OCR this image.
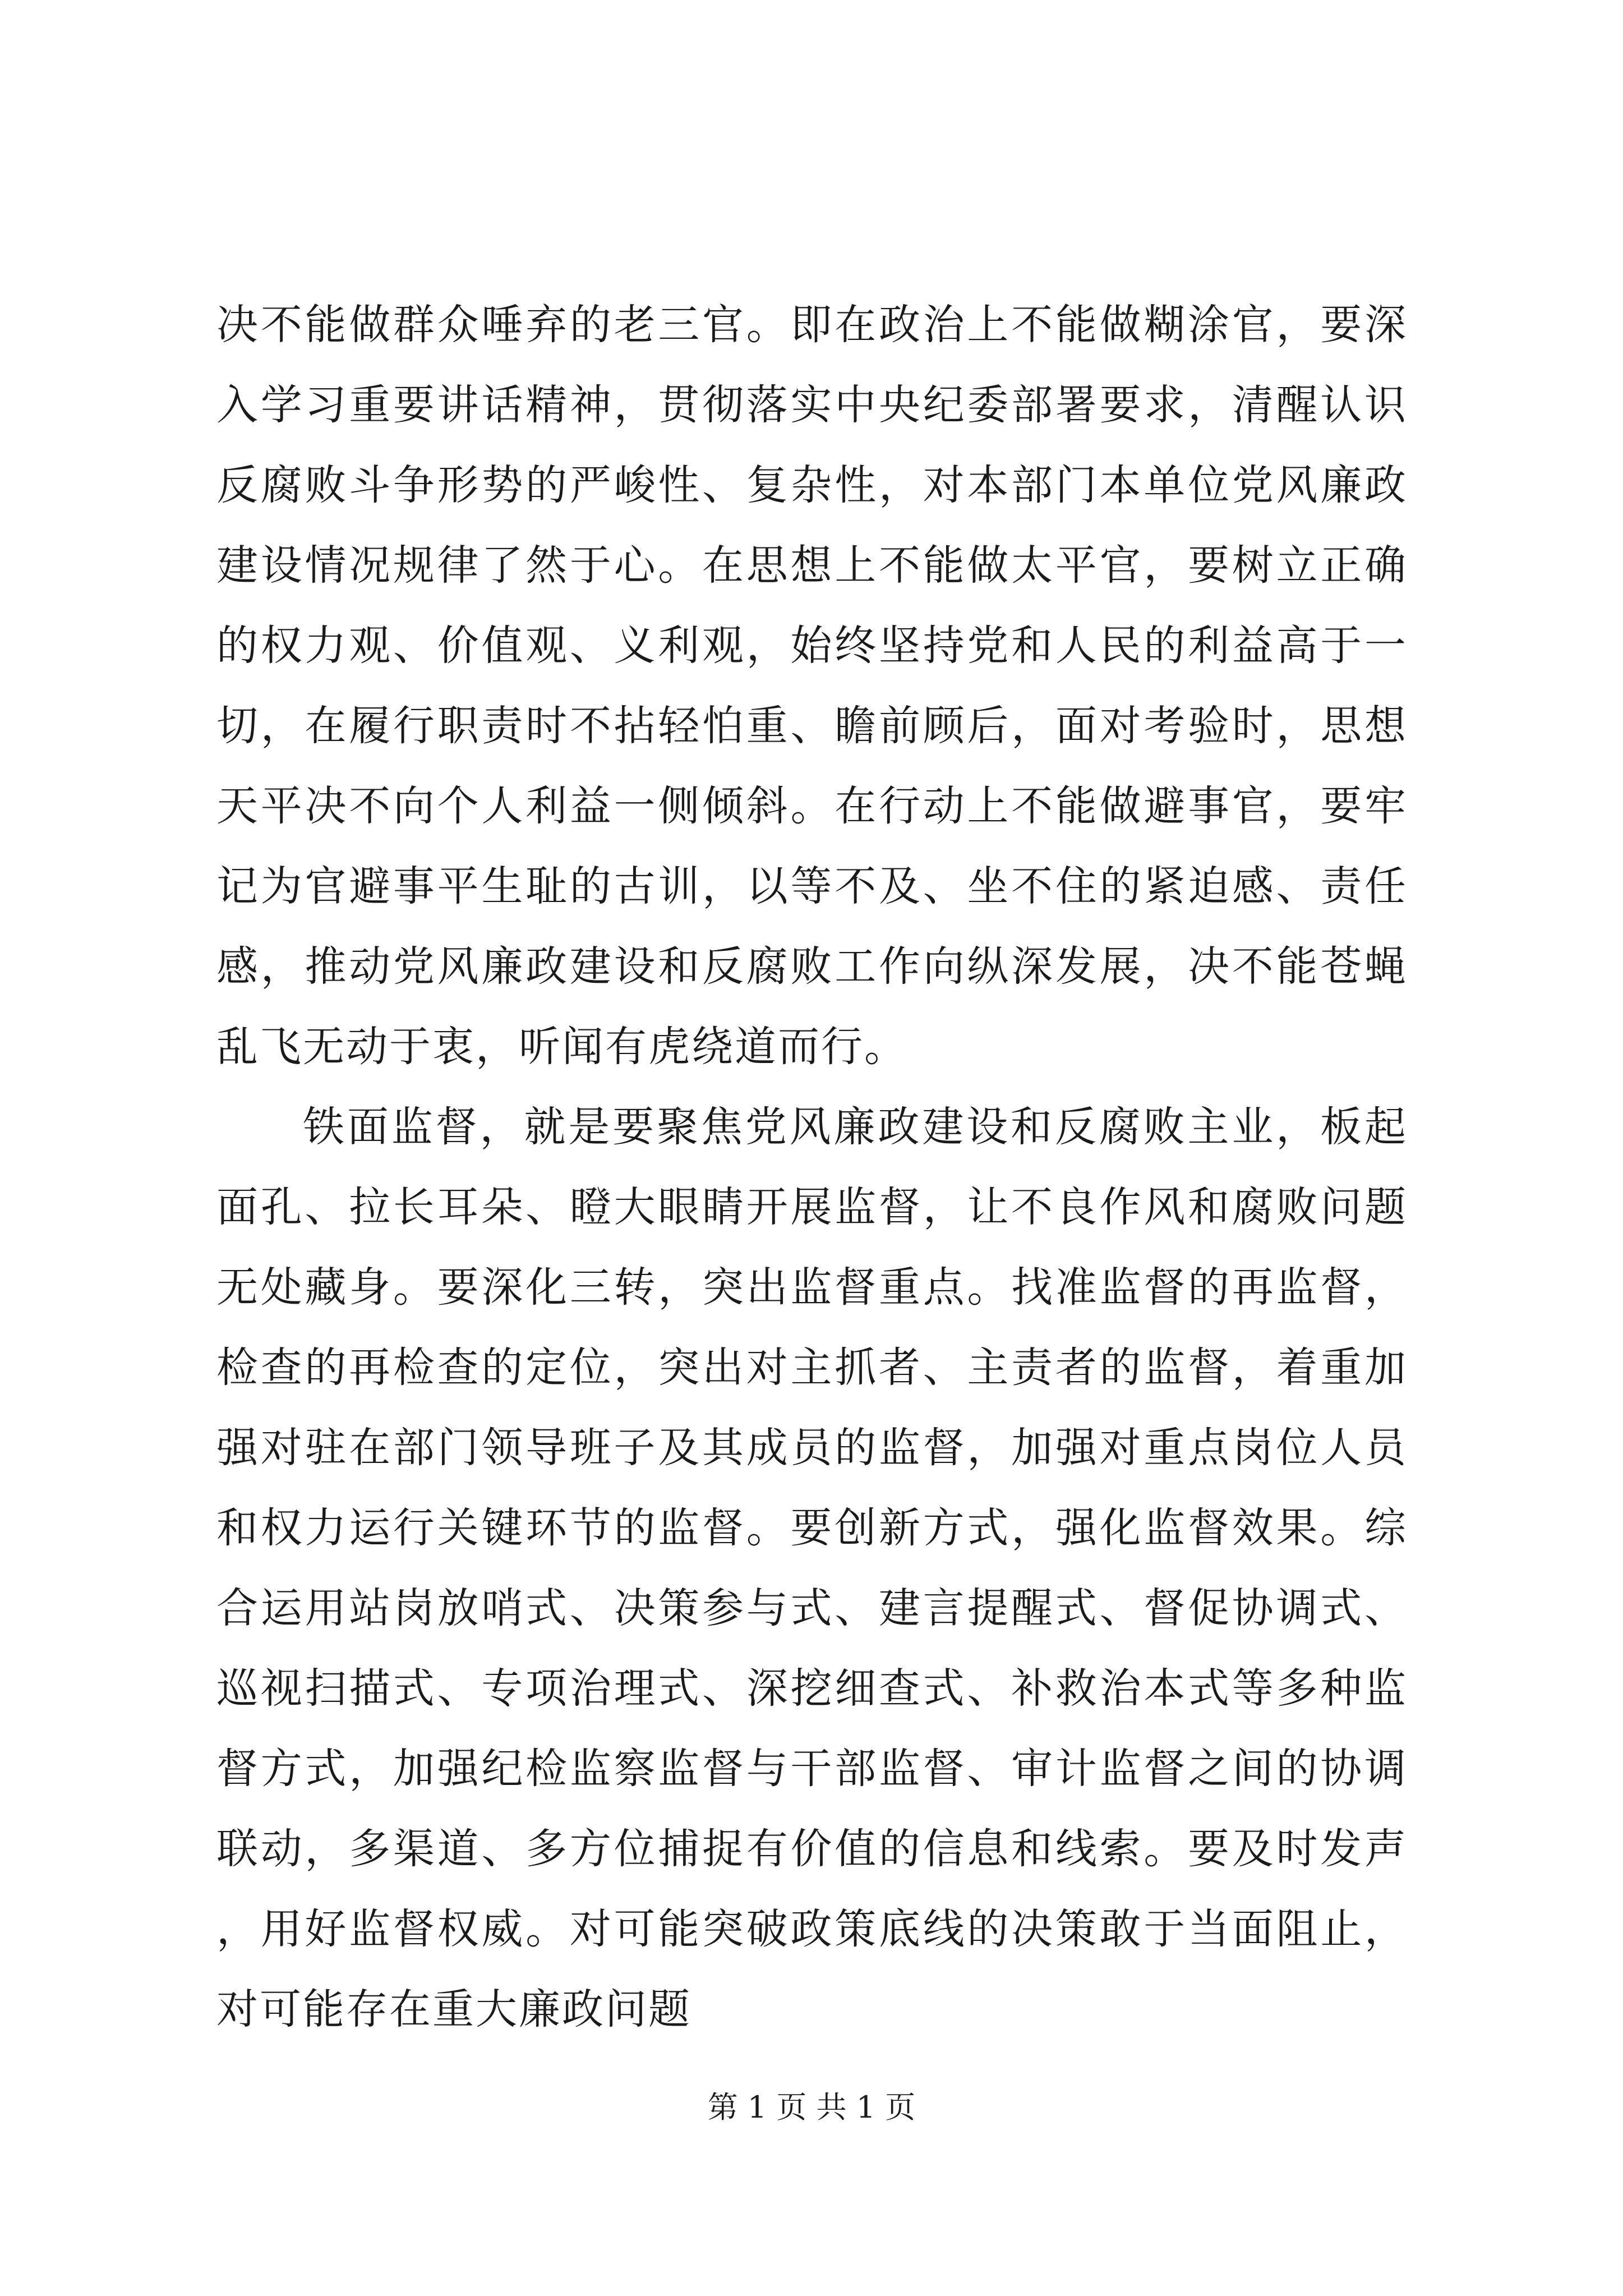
决不能做群众唾弃的老三官。即在政治上不能做糊涂官，要深入学习重要讲话精神，贯彻落实中央纪委部署要求，清醒认识反腐败斗争形势的严峻性、复杂性，对本部门本单位党风廉政建设情况规律了然于心。在思想上不能做太平官，要树立正确的权力观、价值观、义利观，始终坚持党和人民的利益高于一切，在履行职责时不拈轻怕重、瞻前顾后，面对考验时，思想天平决不向个人利益一侧倾斜。在行动上不能做避事官，要牢记为官避事平生耻的古训，以等不及、坐不住的紧迫感、责任感，推动党风廉政建设和反腐败工作向纵深发展，决不能苍蝇乱飞无动于衷，听闻有虎绕道而行。

铁面监督，就是要聚焦党风廉政建设和反腐败主业，板起面孔、拉长耳朵、瞪大眼睛开展监督，让不良作风和腐败问题无处藏身。要深化三转，突出监督重点。找准监督的再监督，检查的再检查的定位，突出对主抓者、主责者的监督，着重加强对驻在部门领导班子及其成员的监督，加强对重点岗位人员和权力运行关键环节的监督。要创新方式，强化监督效果。综合运用站岗放哨式、决策参与式、建言提醒式、督促协调式、巡视扫描式、专项治理式、深挖细查式、补救治本式等多种监督方式，加强纪检监察监督与干部监督、审计监督之间的协调联动，多渠道、多方位捕捉有价值的信息和线索。要及时发声，用好监督权威。对可能突破政策底线的决策敢于当面阻止，对可能存在重大廉政问题

第 1 页 共 1 页
